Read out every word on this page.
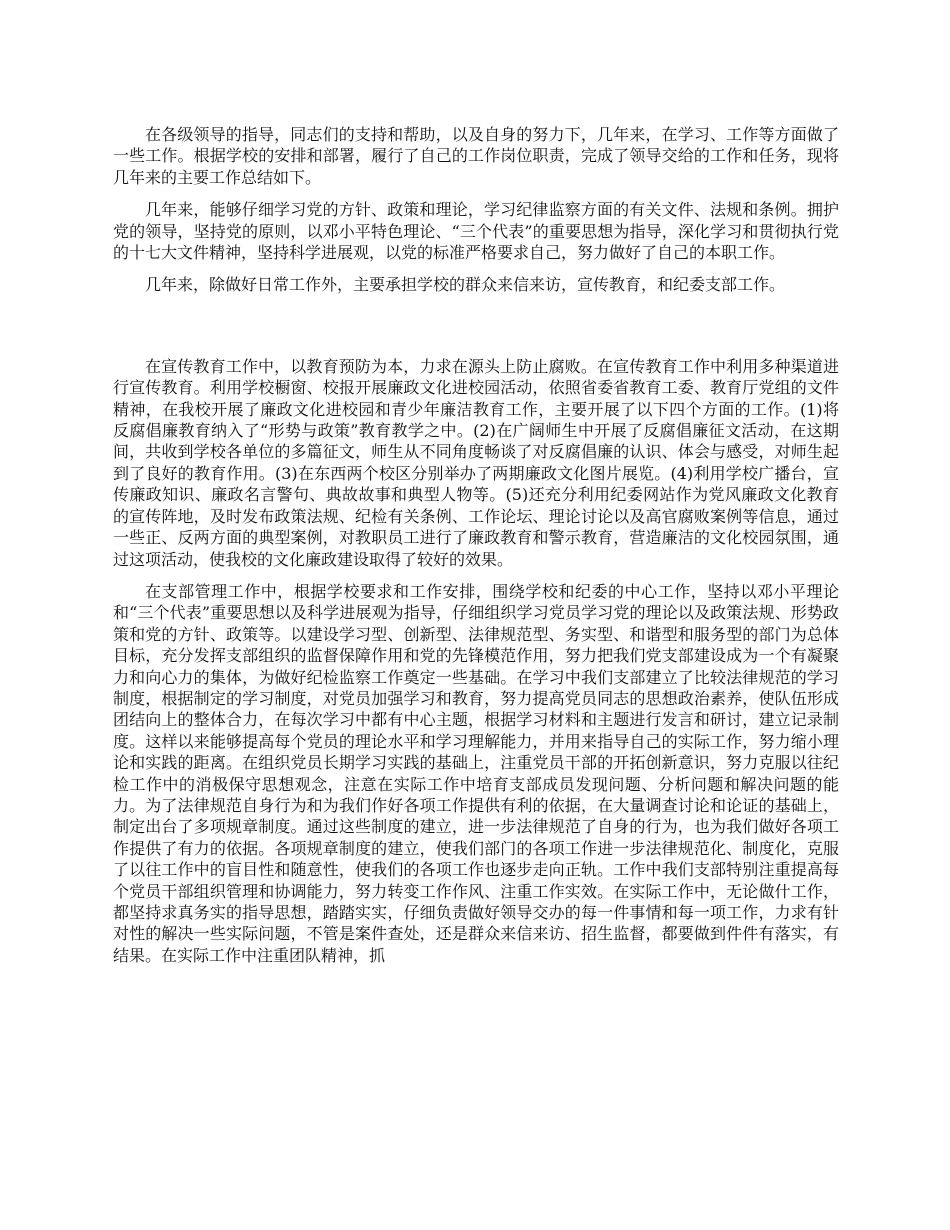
在各级领导的指导，同志们的支持和帮助，以及自身的努力下，几年来，在学习、工作等方面做了一些工作。根据学校的安排和部署，履行了自己的工作岗位职责，完成了领导交给的工作和任务，现将几年来的主要工作总结如下。

几年来，能够仔细学习党的方针、政策和理论，学习纪律监察方面的有关文件、法规和条例。拥护党的领导，坚持党的原则，以邓小平特色理论、“三个代表”的重要思想为指导，深化学习和贯彻执行党的十七大文件精神，坚持科学进展观，以党的标准严格要求自己，努力做好了自己的本职工作。

几年来，除做好日常工作外，主要承担学校的群众来信来访，宣传教育，和纪委支部工作。

在宣传教育工作中，以教育预防为本，力求在源头上防止腐败。在宣传教育工作中利用多种渠道进行宣传教育。利用学校橱窗、校报开展廉政文化进校园活动，依照省委省教育工委、教育厅党组的文件精神，在我校开展了廉政文化进校园和青少年廉洁教育工作，主要开展了以下四个方面的工作。(1)将反腐倡廉教育纳入了“形势与政策”教育教学之中。(2)在广阔师生中开展了反腐倡廉征文活动，在这期间，共收到学校各单位的多篇征文，师生从不同角度畅谈了对反腐倡廉的认识、体会与感受，对师生起到了良好的教育作用。(3)在东西两个校区分别举办了两期廉政文化图片展览。(4)利用学校广播台，宣传廉政知识、廉政名言警句、典故故事和典型人物等。(5)还充分利用纪委网站作为党风廉政文化教育的宣传阵地，及时发布政策法规、纪检有关条例、工作论坛、理论讨论以及高官腐败案例等信息，通过一些正、反两方面的典型案例，对教职员工进行了廉政教育和警示教育，营造廉洁的文化校园氛围，通过这项活动，使我校的文化廉政建设取得了较好的效果。

在支部管理工作中，根据学校要求和工作安排，围绕学校和纪委的中心工作，坚持以邓小平理论和“三个代表”重要思想以及科学进展观为指导，仔细组织学习党员学习党的理论以及政策法规、形势政策和党的方针、政策等。以建设学习型、创新型、法律规范型、务实型、和谐型和服务型的部门为总体目标，充分发挥支部组织的监督保障作用和党的先锋模范作用，努力把我们党支部建设成为一个有凝聚力和向心力的集体，为做好纪检监察工作奠定一些基础。在学习中我们支部建立了比较法律规范的学习制度，根据制定的学习制度，对党员加强学习和教育，努力提高党员同志的思想政治素养，使队伍形成团结向上的整体合力，在每次学习中都有中心主题，根据学习材料和主题进行发言和研讨，建立记录制度。这样以来能够提高每个党员的理论水平和学习理解能力，并用来指导自己的实际工作，努力缩小理论和实践的距离。在组织党员长期学习实践的基础上，注重党员干部的开拓创新意识，努力克服以往纪检工作中的消极保守思想观念，注意在实际工作中培育支部成员发现问题、分析问题和解决问题的能力。为了法律规范自身行为和为我们作好各项工作提供有利的依据，在大量调查讨论和论证的基础上，制定出台了多项规章制度。通过这些制度的建立，进一步法律规范了自身的行为，也为我们做好各项工作提供了有力的依据。各项规章制度的建立，使我们部门的各项工作进一步法律规范化、制度化，克服了以往工作中的盲目性和随意性，使我们的各项工作也逐步走向正轨。工作中我们支部特别注重提高每个党员干部组织管理和协调能力，努力转变工作作风、注重工作实效。在实际工作中，无论做什工作，都坚持求真务实的指导思想，踏踏实实，仔细负责做好领导交办的每一件事情和每一项工作，力求有针对性的解决一些实际问题，不管是案件查处，还是群众来信来访、招生监督，都要做到件件有落实，有结果。在实际工作中注重团队精神，抓
